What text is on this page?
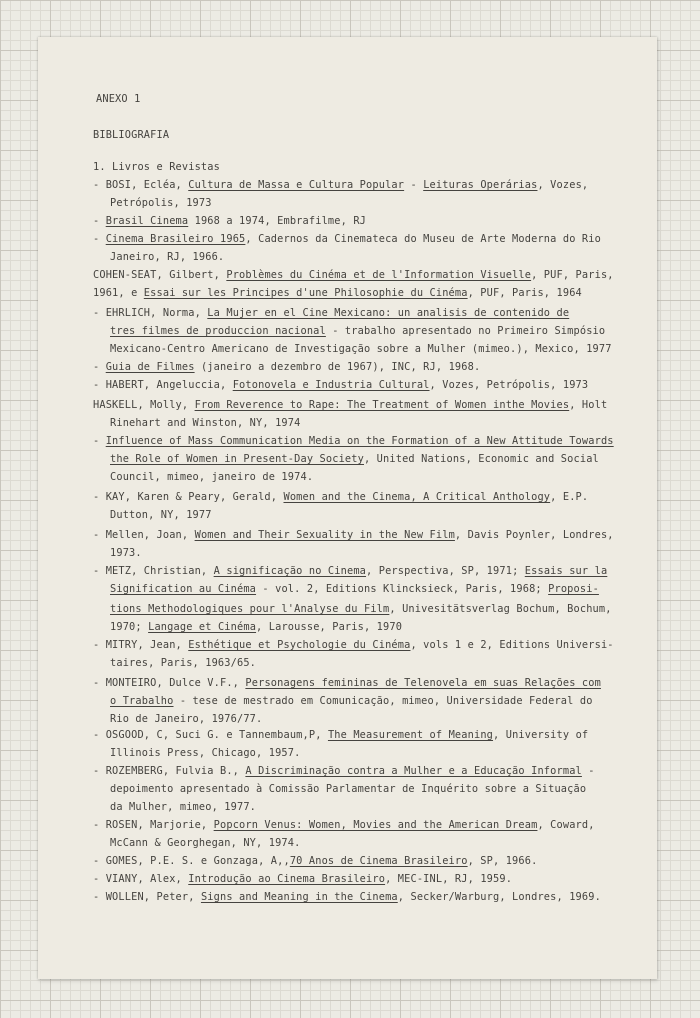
ANEXO 1
BIBLIOGRAFIA
1. Livros e Revistas
- BOSI, Ecléa, Cultura de Massa e Cultura Popular - Leituras Operárias, Vozes,
Petrópolis, 1973
- Brasil Cinema 1968 a 1974, Embrafilme, RJ
- Cinema Brasileiro 1965, Cadernos da Cinemateca do Museu de Arte Moderna do Rio
Janeiro, RJ, 1966.
COHEN-SEAT, Gilbert, Problèmes du Cinéma et de l'Information Visuelle, PUF, Paris,
1961, e Essai sur les Principes d'une Philosophie du Cinéma, PUF, Paris, 1964
- EHRLICH, Norma, La Mujer en el Cine Mexicano: un analisis de contenido de
tres filmes de produccion nacional - trabalho apresentado no Primeiro Simpósio
Mexicano-Centro Americano de Investigação sobre a Mulher (mimeo.), Mexico, 1977
- Guia de Filmes (janeiro a dezembro de 1967), INC, RJ, 1968.
- HABERT, Angeluccia, Fotonovela e Industria Cultural, Vozes, Petrópolis, 1973
HASKELL, Molly, From Reverence to Rape: The Treatment of Women inthe Movies, Holt
Rinehart and Winston, NY, 1974
- Influence of Mass Communication Media on the Formation of a New Attitude Towards
the Role of Women in Present-Day Society, United Nations, Economic and Social
Council, mimeo, janeiro de 1974.
- KAY, Karen & Peary, Gerald, Women and the Cinema, A Critical Anthology, E.P.
Dutton, NY, 1977
- Mellen, Joan, Women and Their Sexuality in the New Film, Davis Poynler, Londres,
1973.
- METZ, Christian, A significação no Cinema, Perspectiva, SP, 1971; Essais sur la
Signification au Cinéma - vol. 2, Editions Klincksieck, Paris, 1968; Proposi-
tions Methodologiques pour l'Analyse du Film, Univesitätsverlag Bochum, Bochum,
1970; Langage et Cinéma, Larousse, Paris, 1970
- MITRY, Jean, Esthétique et Psychologie du Cinéma, vols 1 e 2, Editions Universi-
taires, Paris, 1963/65.
- MONTEIRO, Dulce V.F., Personagens femininas de Telenovela em suas Relações com
o Trabalho - tese de mestrado em Comunicação, mimeo, Universidade Federal do
Rio de Janeiro, 1976/77.
- OSGOOD, C, Suci G. e Tannembaum,P, The Measurement of Meaning, University of
Illinois Press, Chicago, 1957.
- ROZEMBERG, Fulvia B., A Discriminação contra a Mulher e a Educação Informal -
depoimento apresentado à Comissão Parlamentar de Inquérito sobre a Situação
da Mulher, mimeo, 1977.
- ROSEN, Marjorie, Popcorn Venus: Women, Movies and the American Dream, Coward,
McCann & Georghegan, NY, 1974.
- GOMES, P.E. S. e Gonzaga, A,,70 Anos de Cinema Brasileiro, SP, 1966.
- VIANY, Alex, Introdução ao Cinema Brasileiro, MEC-INL, RJ, 1959.
- WOLLEN, Peter, Signs and Meaning in the Cinema, Secker/Warburg, Londres, 1969.
